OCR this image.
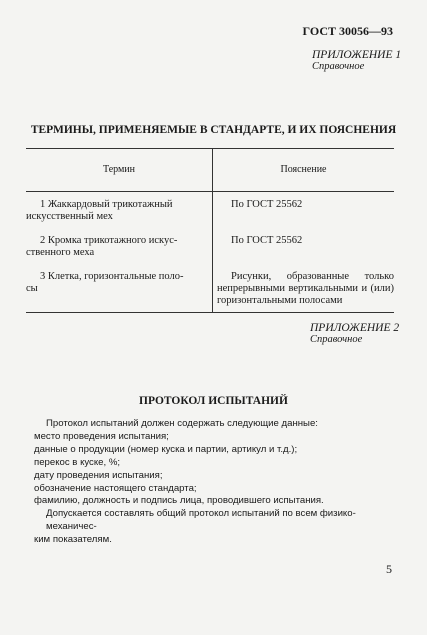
ГОСТ 30056—93
ПРИЛОЖЕНИЕ 1
Справочное
ТЕРМИНЫ, ПРИМЕНЯЕМЫЕ В СТАНДАРТЕ, И ИХ ПОЯСНЕНИЯ
Термин	Пояснение

1 Жаккардовый трикотажный
искусственный мех	По ГОСТ 25562

2 Кромка трикотажного искус-
ственного меха	По ГОСТ 25562

3 Клетка, горизонтальные поло-
сы	Рисунки, образованные только непрерывными вертикальными и (или) горизонтальными полосами
ПРИЛОЖЕНИЕ 2
Справочное
ПРОТОКОЛ ИСПЫТАНИЙ
Протокол испытаний должен содержать следующие данные:
место проведения испытания;
данные о продукции (номер куска и партии, артикул и т.д.);
перекос в куске, %;
дату проведения испытания;
обозначение настоящего стандарта;
фамилию, должность и подпись лица, проводившего испытания.
Допускается составлять общий протокол испытаний по всем физико-механичес-
ким показателям.
5
